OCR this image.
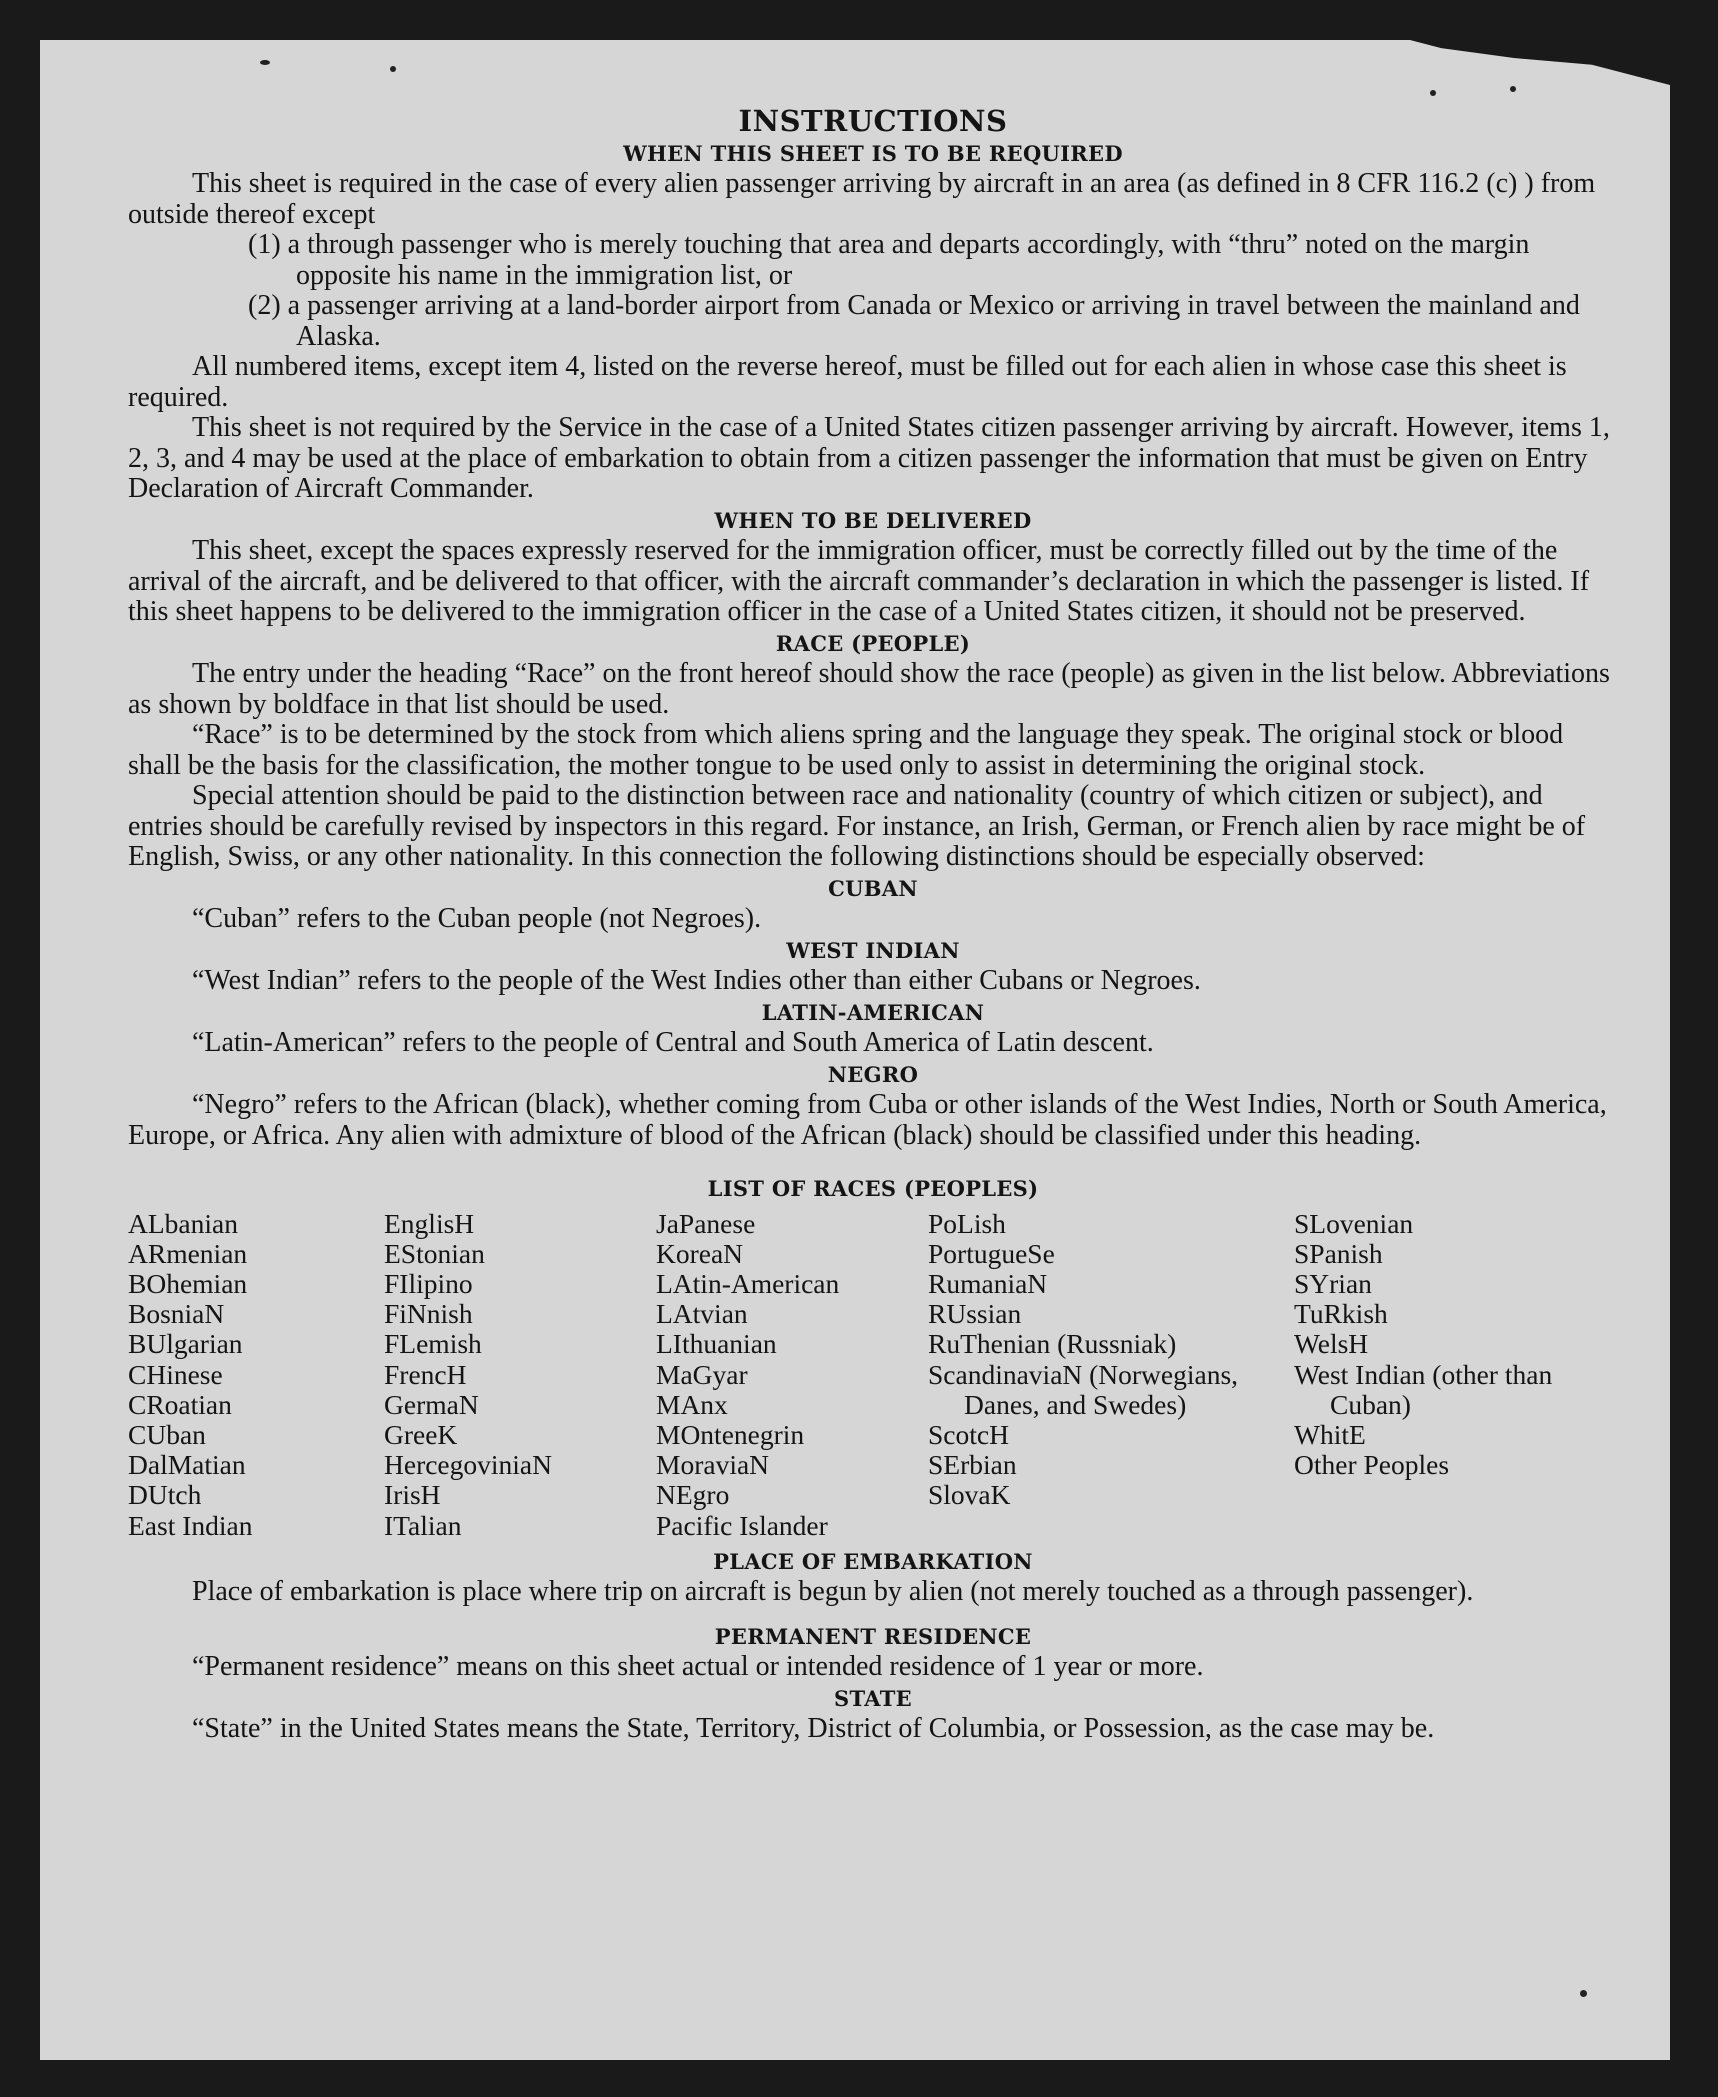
INSTRUCTIONS
WHEN THIS SHEET IS TO BE REQUIRED

This sheet is required in the case of every alien passenger arriving by aircraft in an area (as defined in 8 CFR 116.2 (c) ) from outside thereof except

(1) a through passenger who is merely touching that area and departs accordingly, with “thru” noted on the margin opposite his name in the immigration list, or

(2) a passenger arriving at a land-border airport from Canada or Mexico or arriving in travel between the mainland and Alaska.

All numbered items, except item 4, listed on the reverse hereof, must be filled out for each alien in whose case this sheet is required.

This sheet is not required by the Service in the case of a United States citizen passenger arriving by aircraft. However, items 1, 2, 3, and 4 may be used at the place of embarkation to obtain from a citizen passenger the information that must be given on Entry Declaration of Aircraft Commander.

WHEN TO BE DELIVERED

This sheet, except the spaces expressly reserved for the immigration officer, must be correctly filled out by the time of the arrival of the aircraft, and be delivered to that officer, with the aircraft commander’s declaration in which the passenger is listed. If this sheet happens to be delivered to the immigration officer in the case of a United States citizen, it should not be preserved.

RACE (PEOPLE)

The entry under the heading “Race” on the front hereof should show the race (people) as given in the list below. Abbreviations as shown by boldface in that list should be used.

“Race” is to be determined by the stock from which aliens spring and the language they speak. The original stock or blood shall be the basis for the classification, the mother tongue to be used only to assist in determining the original stock.

Special attention should be paid to the distinction between race and nationality (country of which citizen or subject), and entries should be carefully revised by inspectors in this regard. For instance, an Irish, German, or French alien by race might be of English, Swiss, or any other nationality. In this connection the following distinctions should be especially observed:

CUBAN

“Cuban” refers to the Cuban people (not Negroes).

WEST INDIAN

“West Indian” refers to the people of the West Indies other than either Cubans or Negroes.

LATIN-AMERICAN

“Latin-American” refers to the people of Central and South America of Latin descent.

NEGRO

“Negro” refers to the African (black), whether coming from Cuba or other islands of the West Indies, North or South America, Europe, or Africa. Any alien with admixture of blood of the African (black) should be classified under this heading.

LIST OF RACES (PEOPLES)
ALbanian
ARmenian
BOhemian
BosniaN
BUlgarian
CHinese
CRoatian
CUban
DalMatian
DUtch
East Indian
EnglisH
EStonian
FIlipino
FiNnish
FLemish
FrencH
GermaN
GreeK
HercegoviniaN
IrisH
ITalian
JaPanese
KoreaN
LAtin-American
LAtvian
LIthuanian
MaGyar
MAnx
MOntenegrin
MoraviaN
NEgro
Pacific Islander
PoLish
PortugueSe
RumaniaN
RUssian
RuThenian (Russniak)
ScandinaviaN (Norwegians, Danes, and Swedes)
ScotcH
SErbian
SlovaK
SLovenian
SPanish
SYrian
TuRkish
WelsH
West Indian (other than Cuban)
WhitE
Other Peoples
PLACE OF EMBARKATION

Place of embarkation is place where trip on aircraft is begun by alien (not merely touched as a through passenger).

PERMANENT RESIDENCE

“Permanent residence” means on this sheet actual or intended residence of 1 year or more.

STATE

“State” in the United States means the State, Territory, District of Columbia, or Possession, as the case may be.
